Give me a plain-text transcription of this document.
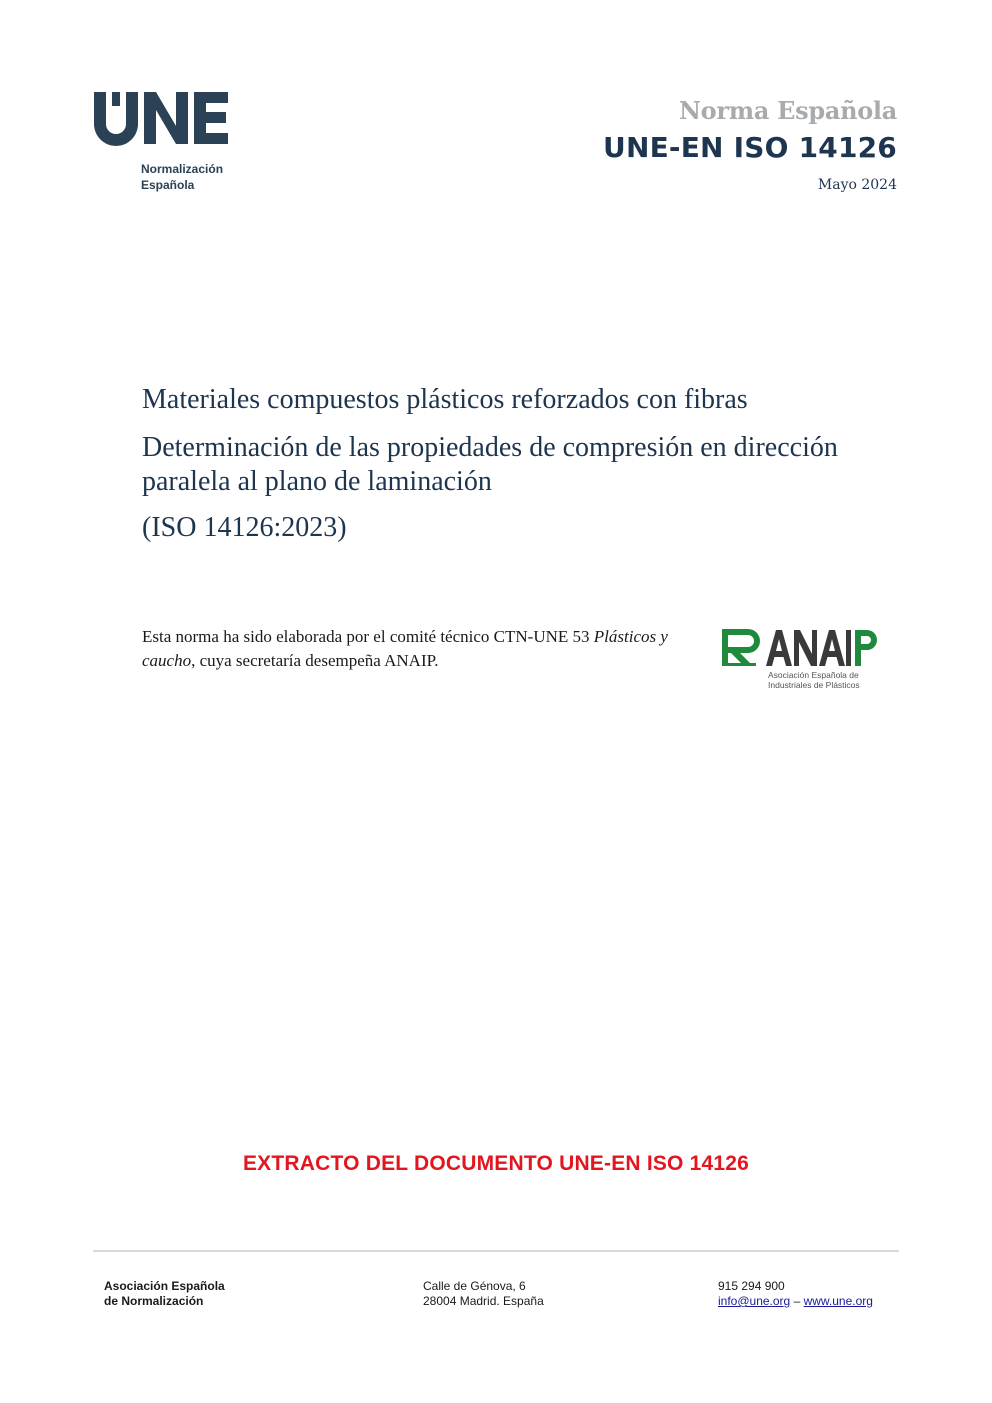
Normalización
Española
Norma Española
UNE-EN ISO 14126
Mayo 2024
Materiales compuestos plásticos reforzados con fibras
Determinación de las propiedades de compresión en dirección paralela al plano de laminación
(ISO 14126:2023)
Esta norma ha sido elaborada por el comité técnico CTN-UNE 53 Plásticos y caucho, cuya secretaría desempeña ANAIP.
Asociación Española de
Industriales de Plásticos
EXTRACTO DEL DOCUMENTO UNE-EN ISO 14126
Asociación Española
de Normalización
Calle de Génova, 6
28004 Madrid. España
915 294 900
info@une.org – www.une.org
